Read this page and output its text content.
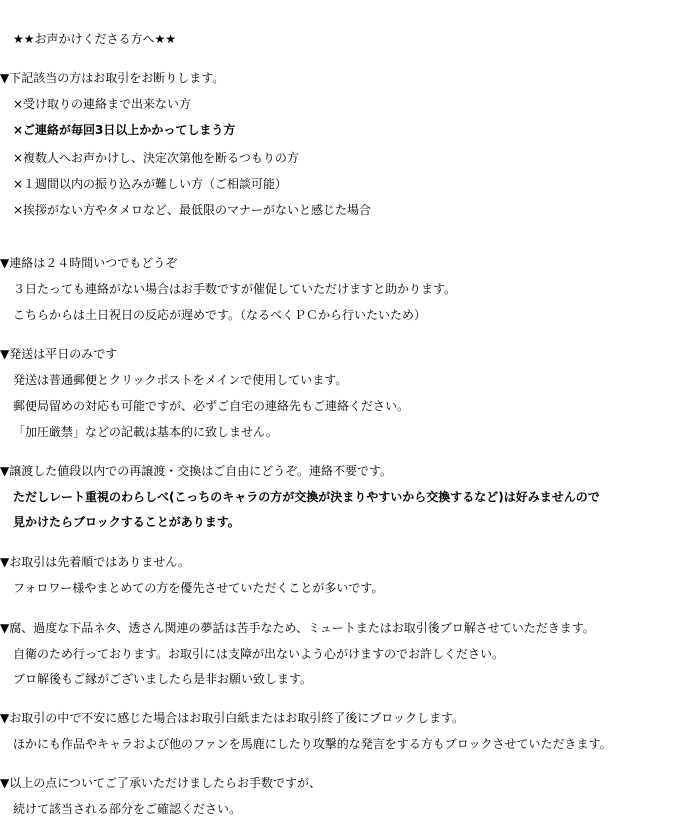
★★お声かけくださる方へ★★
▼下記該当の方はお取引をお断りします。
×受け取りの連絡まで出来ない方
×ご連絡が毎回3日以上かかってしまう方
×複数人へお声かけし、決定次第他を断るつもりの方
×１週間以内の振り込みが難しい方（ご相談可能）
×挨拶がない方やタメロなど、最低限のマナーがないと感じた場合
▼連絡は２４時間いつでもどうぞ
３日たっても連絡がない場合はお手数ですが催促していただけますと助かります。
こちらからは土日祝日の反応が遅めです。（なるべくＰＣから行いたいため）
▼発送は平日のみです
発送は普通郵便とクリックポストをメインで使用しています。
郵便局留めの対応も可能ですが、必ずご自宅の連絡先もご連絡ください。
「加圧厳禁」などの記載は基本的に致しません。
▼譲渡した値段以内での再譲渡・交換はご自由にどうぞ。連絡不要です。
ただしレート重視のわらしべ(こっちのキャラの方が交換が決まりやすいから交換するなど)は好みませんので
見かけたらブロックすることがあります。
▼お取引は先着順ではありません。
フォロワー様やまとめての方を優先させていただくことが多いです。
▼腐、過度な下品ネタ、透さん関連の夢話は苦手なため、ミュートまたはお取引後ブロ解させていただきます。
自衛のため行っております。お取引には支障が出ないよう心がけますのでお許しください。
ブロ解後もご縁がございましたら是非お願い致します。
▼お取引の中で不安に感じた場合はお取引白紙またはお取引終了後にブロックします。
ほかにも作品やキャラおよび他のファンを馬鹿にしたり攻撃的な発言をする方もブロックさせていただきます。
▼以上の点についてご了承いただけましたらお手数ですが、
続けて該当される部分をご確認ください。
